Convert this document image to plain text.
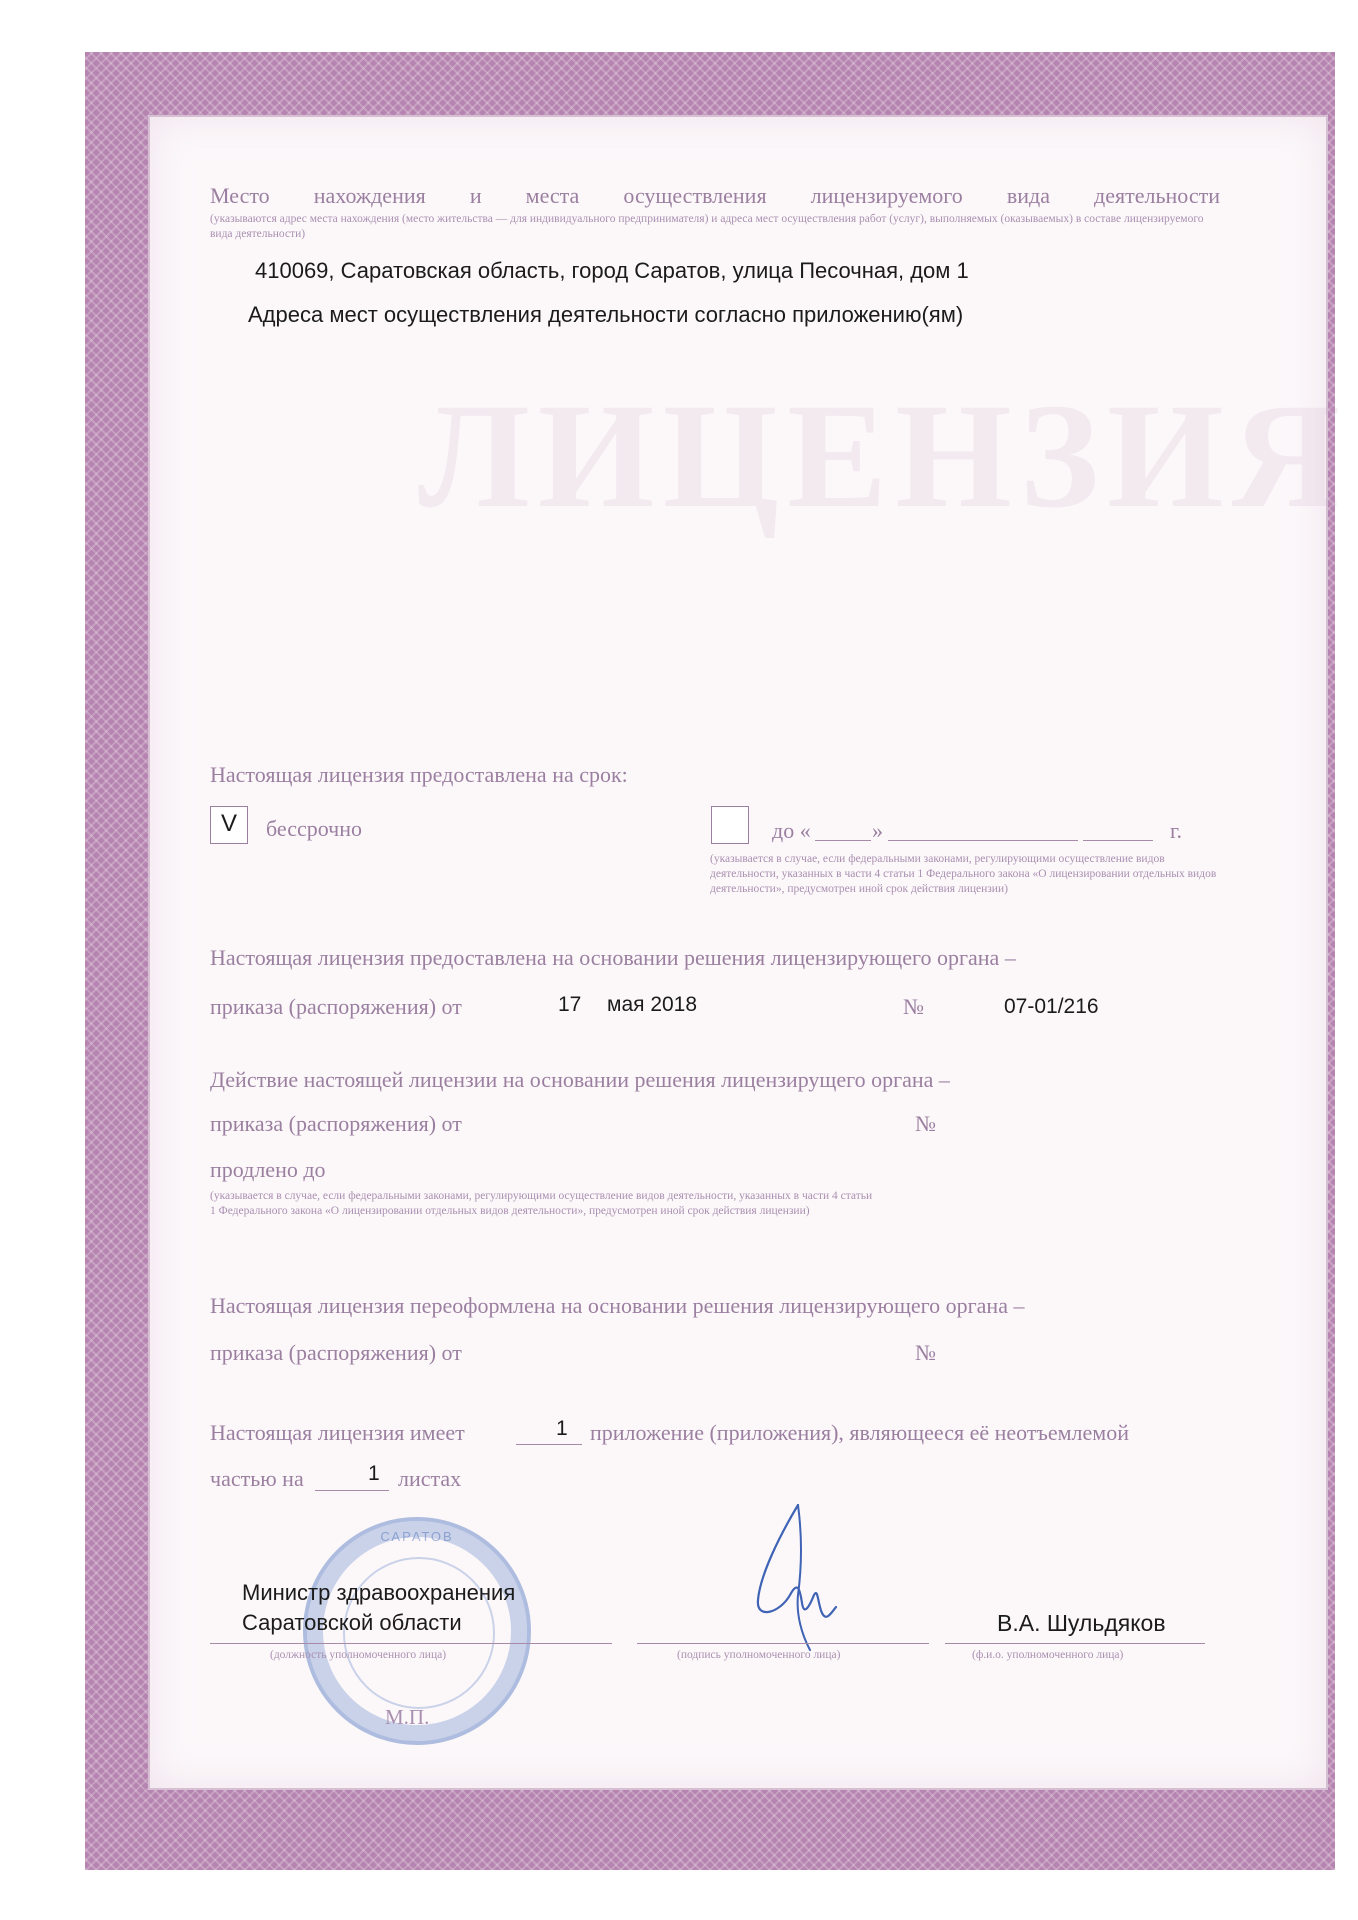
ЛИЦЕНЗИЯ
Место нахождения и места осуществления лицензируемого вида деятельности
(указываются адрес места нахождения (место жительства — для индивидуального предпринимателя) и адреса мест осуществления работ (услуг), выполняемых (оказываемых) в составе лицензируемого вида деятельности)
410069, Саратовская область, город Саратов, улица Песочная, дом 1
Адреса мест осуществления деятельности согласно приложению(ям)
Настоящая лицензия предоставлена на срок:
V	бессрочно	до «	»	г.
(указывается в случае, если федеральными законами, регулирующими осуществление видов деятельности, указанных в части 4 статьи 1 Федерального закона «О лицензировании отдельных видов деятельности», предусмотрен иной срок действия лицензии)
Настоящая лицензия предоставлена на основании решения лицензирующего органа –
приказа (распоряжения) от	17 мая 2018	№	07-01/216
Действие настоящей лицензии на основании решения лицензирущего органа –
приказа (распоряжения) от	№
продлено до
(указывается в случае, если федеральными законами, регулирующими осуществление видов деятельности, указанных в части 4 статьи 1 Федерального закона «О лицензировании отдельных видов деятельности», предусмотрен иной срок действия лицензии)
Настоящая лицензия переоформлена на основании решения лицензирующего органа –
приказа (распоряжения) от	№
Настоящая лицензия имеет	1 приложение (приложения), являющееся её неотъемлемой
частью на	1 листах
САРАТОВ
Министр здравоохранения
Саратовской области
(должность уполномоченного лица)	(подпись уполномоченного лица)
В.А. Шульдяков
(ф.и.о. уполномоченного лица)
М.П.
